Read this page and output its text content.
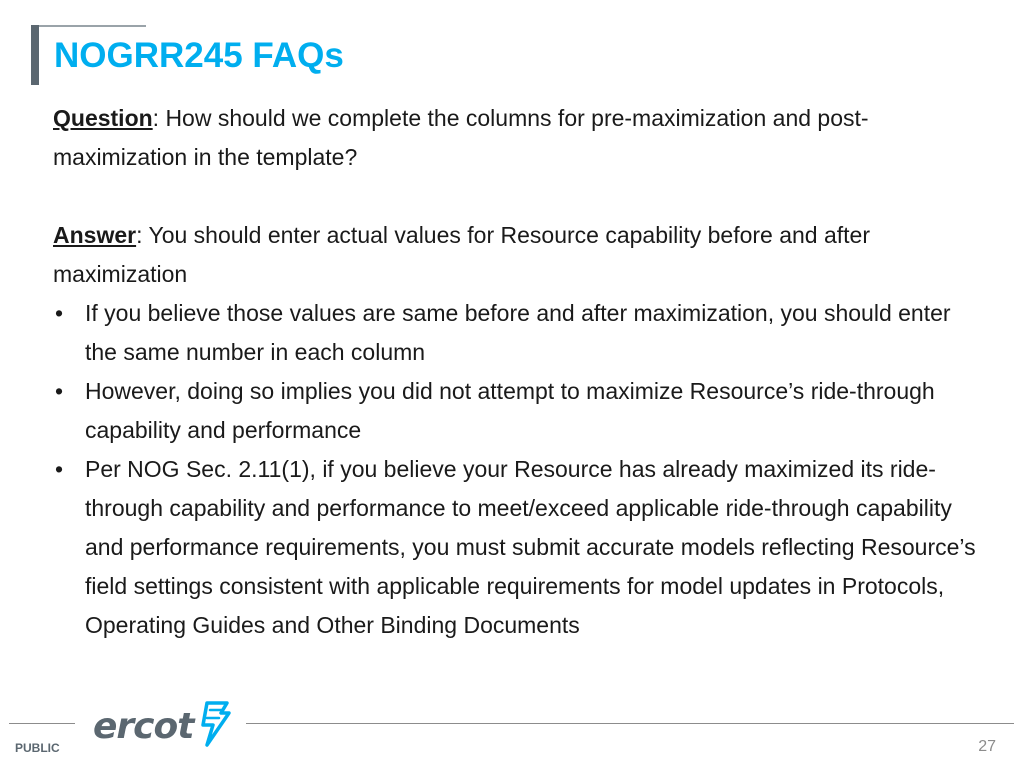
NOGRR245 FAQs

Question: How should we complete the columns for pre-maximization and post-maximization in the template?

Answer: You should enter actual values for Resource capability before and after maximization

• If you believe those values are same before and after maximization, you should enter the same number in each column
• However, doing so implies you did not attempt to maximize Resource’s ride-through capability and performance
• Per NOG Sec. 2.11(1), if you believe your Resource has already maximized its ride-through capability and performance to meet/exceed applicable ride-through capability and performance requirements, you must submit accurate models reflecting Resource’s field settings consistent with applicable requirements for model updates in Protocols, Operating Guides and Other Binding Documents
ercot
PUBLIC	27
